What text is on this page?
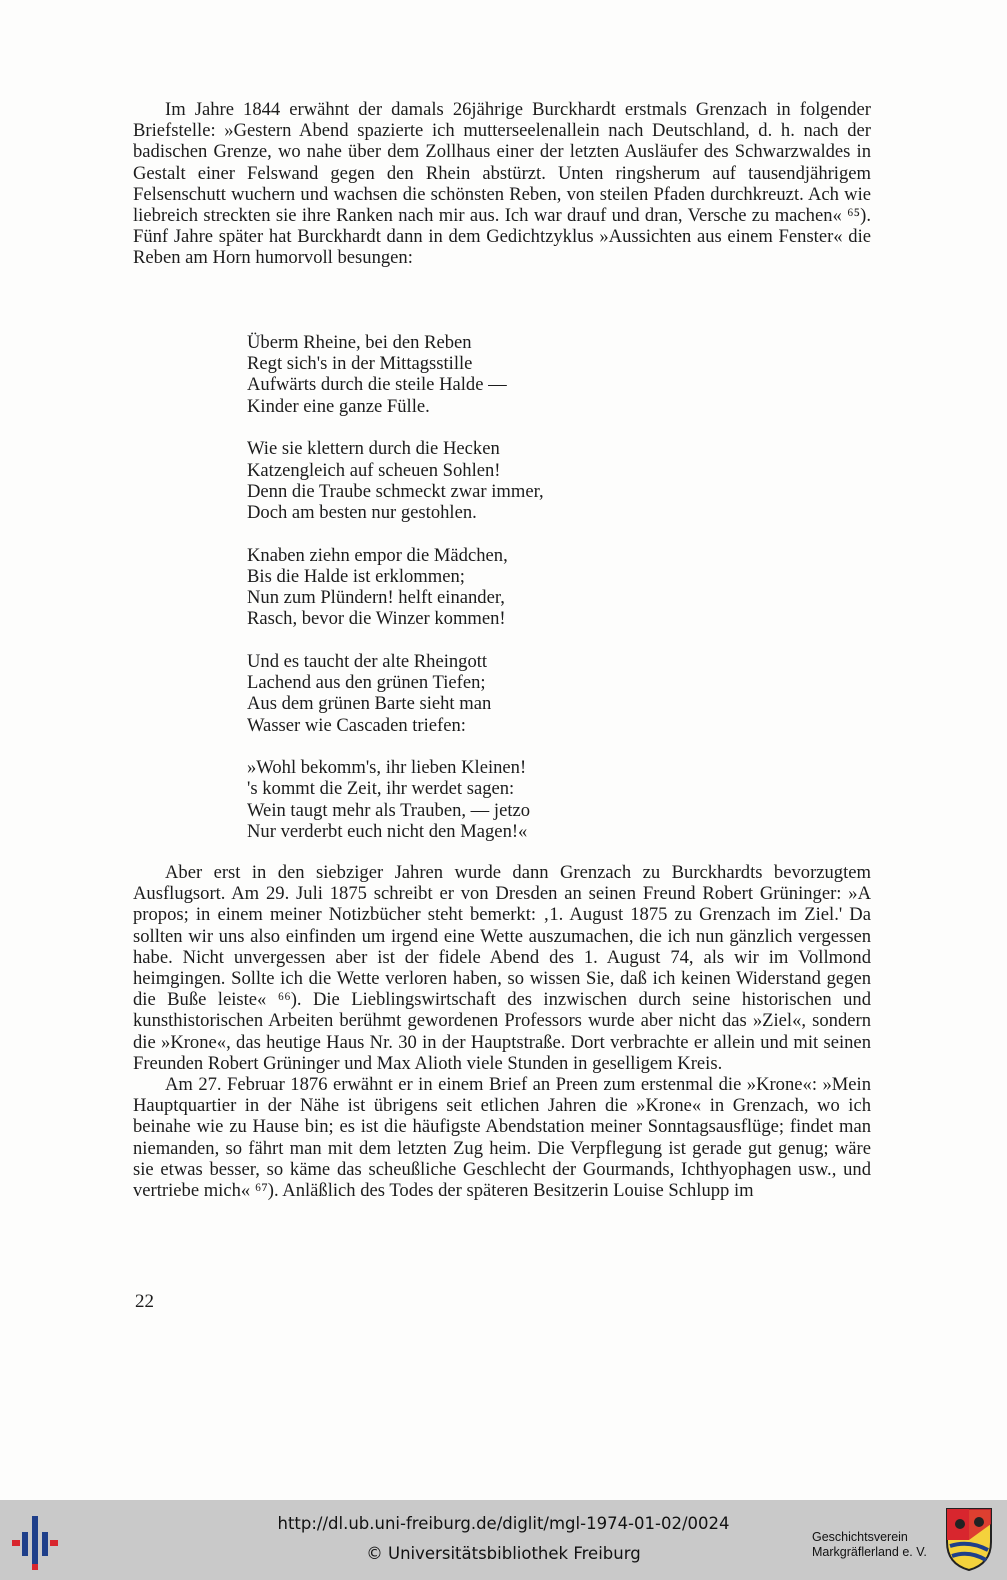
Im Jahre 1844 erwähnt der damals 26jährige Burckhardt erstmals Grenzach in folgender Briefstelle: »Gestern Abend spazierte ich mutterseelenallein nach Deutschland, d. h. nach der badischen Grenze, wo nahe über dem Zollhaus einer der letzten Ausläufer des Schwarzwaldes in Gestalt einer Felswand gegen den Rhein abstürzt. Unten ringsherum auf tausendjährigem Felsenschutt wuchern und wachsen die schönsten Reben, von steilen Pfaden durchkreuzt. Ach wie liebreich streckten sie ihre Ranken nach mir aus. Ich war drauf und dran, Versche zu machen« ⁶⁵). Fünf Jahre später hat Burckhardt dann in dem Gedichtzyklus »Aussichten aus einem Fenster« die Reben am Horn humorvoll besungen:

Überm Rheine, bei den Reben
Regt sich's in der Mittagsstille
Aufwärts durch die steile Halde —
Kinder eine ganze Fülle.
Wie sie klettern durch die Hecken
Katzengleich auf scheuen Sohlen!
Denn die Traube schmeckt zwar immer,
Doch am besten nur gestohlen.
Knaben ziehn empor die Mädchen,
Bis die Halde ist erklommen;
Nun zum Plündern! helft einander,
Rasch, bevor die Winzer kommen!
Und es taucht der alte Rheingott
Lachend aus den grünen Tiefen;
Aus dem grünen Barte sieht man
Wasser wie Cascaden triefen:
»Wohl bekomm's, ihr lieben Kleinen!
's kommt die Zeit, ihr werdet sagen:
Wein taugt mehr als Trauben, — jetzo
Nur verderbt euch nicht den Magen!«

Aber erst in den siebziger Jahren wurde dann Grenzach zu Burckhardts bevorzugtem Ausflugsort. Am 29. Juli 1875 schreibt er von Dresden an seinen Freund Robert Grüninger: »A propos; in einem meiner Notizbücher steht bemerkt: ‚1. August 1875 zu Grenzach im Ziel.' Da sollten wir uns also einfinden um irgend eine Wette auszumachen, die ich nun gänzlich vergessen habe. Nicht unvergessen aber ist der fidele Abend des 1. August 74, als wir im Vollmond heimgingen. Sollte ich die Wette verloren haben, so wissen Sie, daß ich keinen Widerstand gegen die Buße leiste« ⁶⁶). Die Lieblingswirtschaft des inzwischen durch seine historischen und kunsthistorischen Arbeiten berühmt gewordenen Professors wurde aber nicht das »Ziel«, sondern die »Krone«, das heutige Haus Nr. 30 in der Hauptstraße. Dort verbrachte er allein und mit seinen Freunden Robert Grüninger und Max Alioth viele Stunden in geselligem Kreis.

Am 27. Februar 1876 erwähnt er in einem Brief an Preen zum erstenmal die »Krone«: »Mein Hauptquartier in der Nähe ist übrigens seit etlichen Jahren die »Krone« in Grenzach, wo ich beinahe wie zu Hause bin; es ist die häufigste Abendstation meiner Sonntagsausflüge; findet man niemanden, so fährt man mit dem letzten Zug heim. Die Verpflegung ist gerade gut genug; wäre sie etwas besser, so käme das scheußliche Geschlecht der Gourmands, Ichthyophagen usw., und vertriebe mich« ⁶⁷). Anläßlich des Todes der späteren Besitzerin Louise Schlupp im

22
http://dl.ub.uni-freiburg.de/diglit/mgl-1974-01-02/0024
© Universitätsbibliothek Freiburg
Geschichtsverein
Markgräflerland e. V.
